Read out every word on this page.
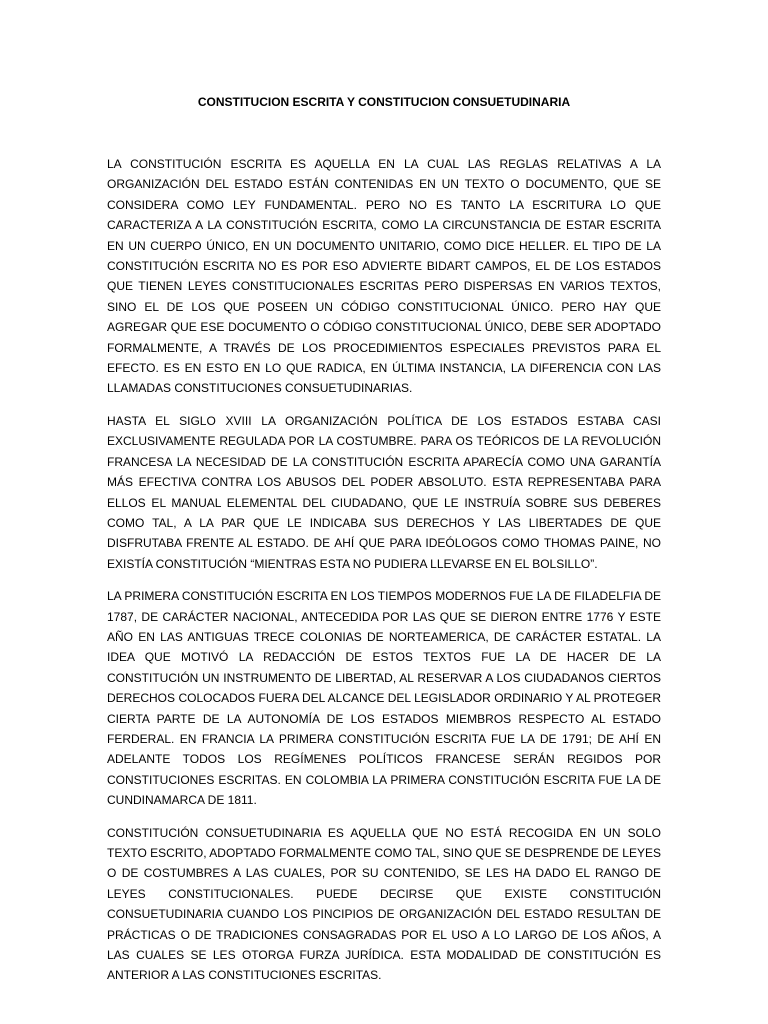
CONSTITUCION ESCRITA Y CONSTITUCION CONSUETUDINARIA

LA CONSTITUCIÓN ESCRITA ES AQUELLA EN LA CUAL LAS REGLAS RELATIVAS A LA ORGANIZACIÓN DEL ESTADO ESTÁN CONTENIDAS EN UN TEXTO O DOCUMENTO, QUE SE CONSIDERA COMO LEY FUNDAMENTAL. PERO NO ES TANTO LA ESCRITURA LO QUE CARACTERIZA A LA CONSTITUCIÓN ESCRITA, COMO LA CIRCUNSTANCIA DE ESTAR ESCRITA EN UN CUERPO ÚNICO, EN UN DOCUMENTO UNITARIO, COMO DICE HELLER. EL TIPO DE LA CONSTITUCIÓN ESCRITA NO ES POR ESO ADVIERTE BIDART CAMPOS, EL DE LOS ESTADOS QUE TIENEN LEYES CONSTITUCIONALES ESCRITAS PERO DISPERSAS EN VARIOS TEXTOS, SINO EL DE LOS QUE POSEEN UN CÓDIGO CONSTITUCIONAL ÚNICO. PERO HAY QUE AGREGAR QUE ESE DOCUMENTO O CÓDIGO CONSTITUCIONAL ÚNICO, DEBE SER ADOPTADO FORMALMENTE, A TRAVÉS DE LOS PROCEDIMIENTOS ESPECIALES PREVISTOS PARA EL EFECTO. ES EN ESTO EN LO QUE RADICA, EN ÚLTIMA INSTANCIA, LA DIFERENCIA CON LAS LLAMADAS CONSTITUCIONES CONSUETUDINARIAS.

HASTA EL SIGLO XVIII LA ORGANIZACIÓN POLÍTICA DE LOS ESTADOS ESTABA CASI EXCLUSIVAMENTE REGULADA POR LA COSTUMBRE. PARA OS TEÓRICOS DE LA REVOLUCIÓN FRANCESA LA NECESIDAD DE LA CONSTITUCIÓN ESCRITA APARECÍA COMO UNA GARANTÍA MÁS EFECTIVA CONTRA LOS ABUSOS DEL PODER ABSOLUTO. ESTA REPRESENTABA PARA ELLOS EL MANUAL ELEMENTAL DEL CIUDADANO, QUE LE INSTRUÍA SOBRE SUS DEBERES COMO TAL, A LA PAR QUE LE INDICABA SUS DERECHOS Y LAS LIBERTADES DE QUE DISFRUTABA FRENTE AL ESTADO. DE AHÍ QUE PARA IDEÓLOGOS COMO THOMAS PAINE, NO EXISTÍA CONSTITUCIÓN “MIENTRAS ESTA NO PUDIERA LLEVARSE EN EL BOLSILLO”.

LA PRIMERA CONSTITUCIÓN ESCRITA EN LOS TIEMPOS MODERNOS FUE LA DE FILADELFIA DE 1787, DE CARÁCTER NACIONAL, ANTECEDIDA POR LAS QUE SE DIERON ENTRE 1776 Y ESTE AÑO EN LAS ANTIGUAS TRECE COLONIAS DE NORTEAMERICA, DE CARÁCTER ESTATAL. LA IDEA QUE MOTIVÓ LA REDACCIÓN DE ESTOS TEXTOS FUE LA DE HACER DE LA CONSTITUCIÓN UN INSTRUMENTO DE LIBERTAD, AL RESERVAR A LOS CIUDADANOS CIERTOS DERECHOS COLOCADOS FUERA DEL ALCANCE DEL LEGISLADOR ORDINARIO Y AL PROTEGER CIERTA PARTE DE LA AUTONOMÍA DE LOS ESTADOS MIEMBROS RESPECTO AL ESTADO FERDERAL. EN FRANCIA LA PRIMERA CONSTITUCIÓN ESCRITA FUE LA DE 1791; DE AHÍ EN ADELANTE TODOS LOS REGÍMENES POLÍTICOS FRANCESE SERÁN REGIDOS POR CONSTITUCIONES ESCRITAS. EN COLOMBIA LA PRIMERA CONSTITUCIÓN ESCRITA FUE LA DE CUNDINAMARCA DE 1811.

CONSTITUCIÓN CONSUETUDINARIA ES AQUELLA QUE NO ESTÁ RECOGIDA EN UN SOLO TEXTO ESCRITO, ADOPTADO FORMALMENTE COMO TAL, SINO QUE SE DESPRENDE DE LEYES O DE COSTUMBRES A LAS CUALES, POR SU CONTENIDO, SE LES HA DADO EL RANGO DE LEYES CONSTITUCIONALES. PUEDE DECIRSE QUE EXISTE CONSTITUCIÓN CONSUETUDINARIA CUANDO LOS PINCIPIOS DE ORGANIZACIÓN DEL ESTADO RESULTAN DE PRÁCTICAS O DE TRADICIONES CONSAGRADAS POR EL USO A LO LARGO DE LOS AÑOS, A LAS CUALES SE LES OTORGA FURZA JURÍDICA. ESTA MODALIDAD DE CONSTITUCIÓN ES ANTERIOR A LAS CONSTITUCIONES ESCRITAS.
